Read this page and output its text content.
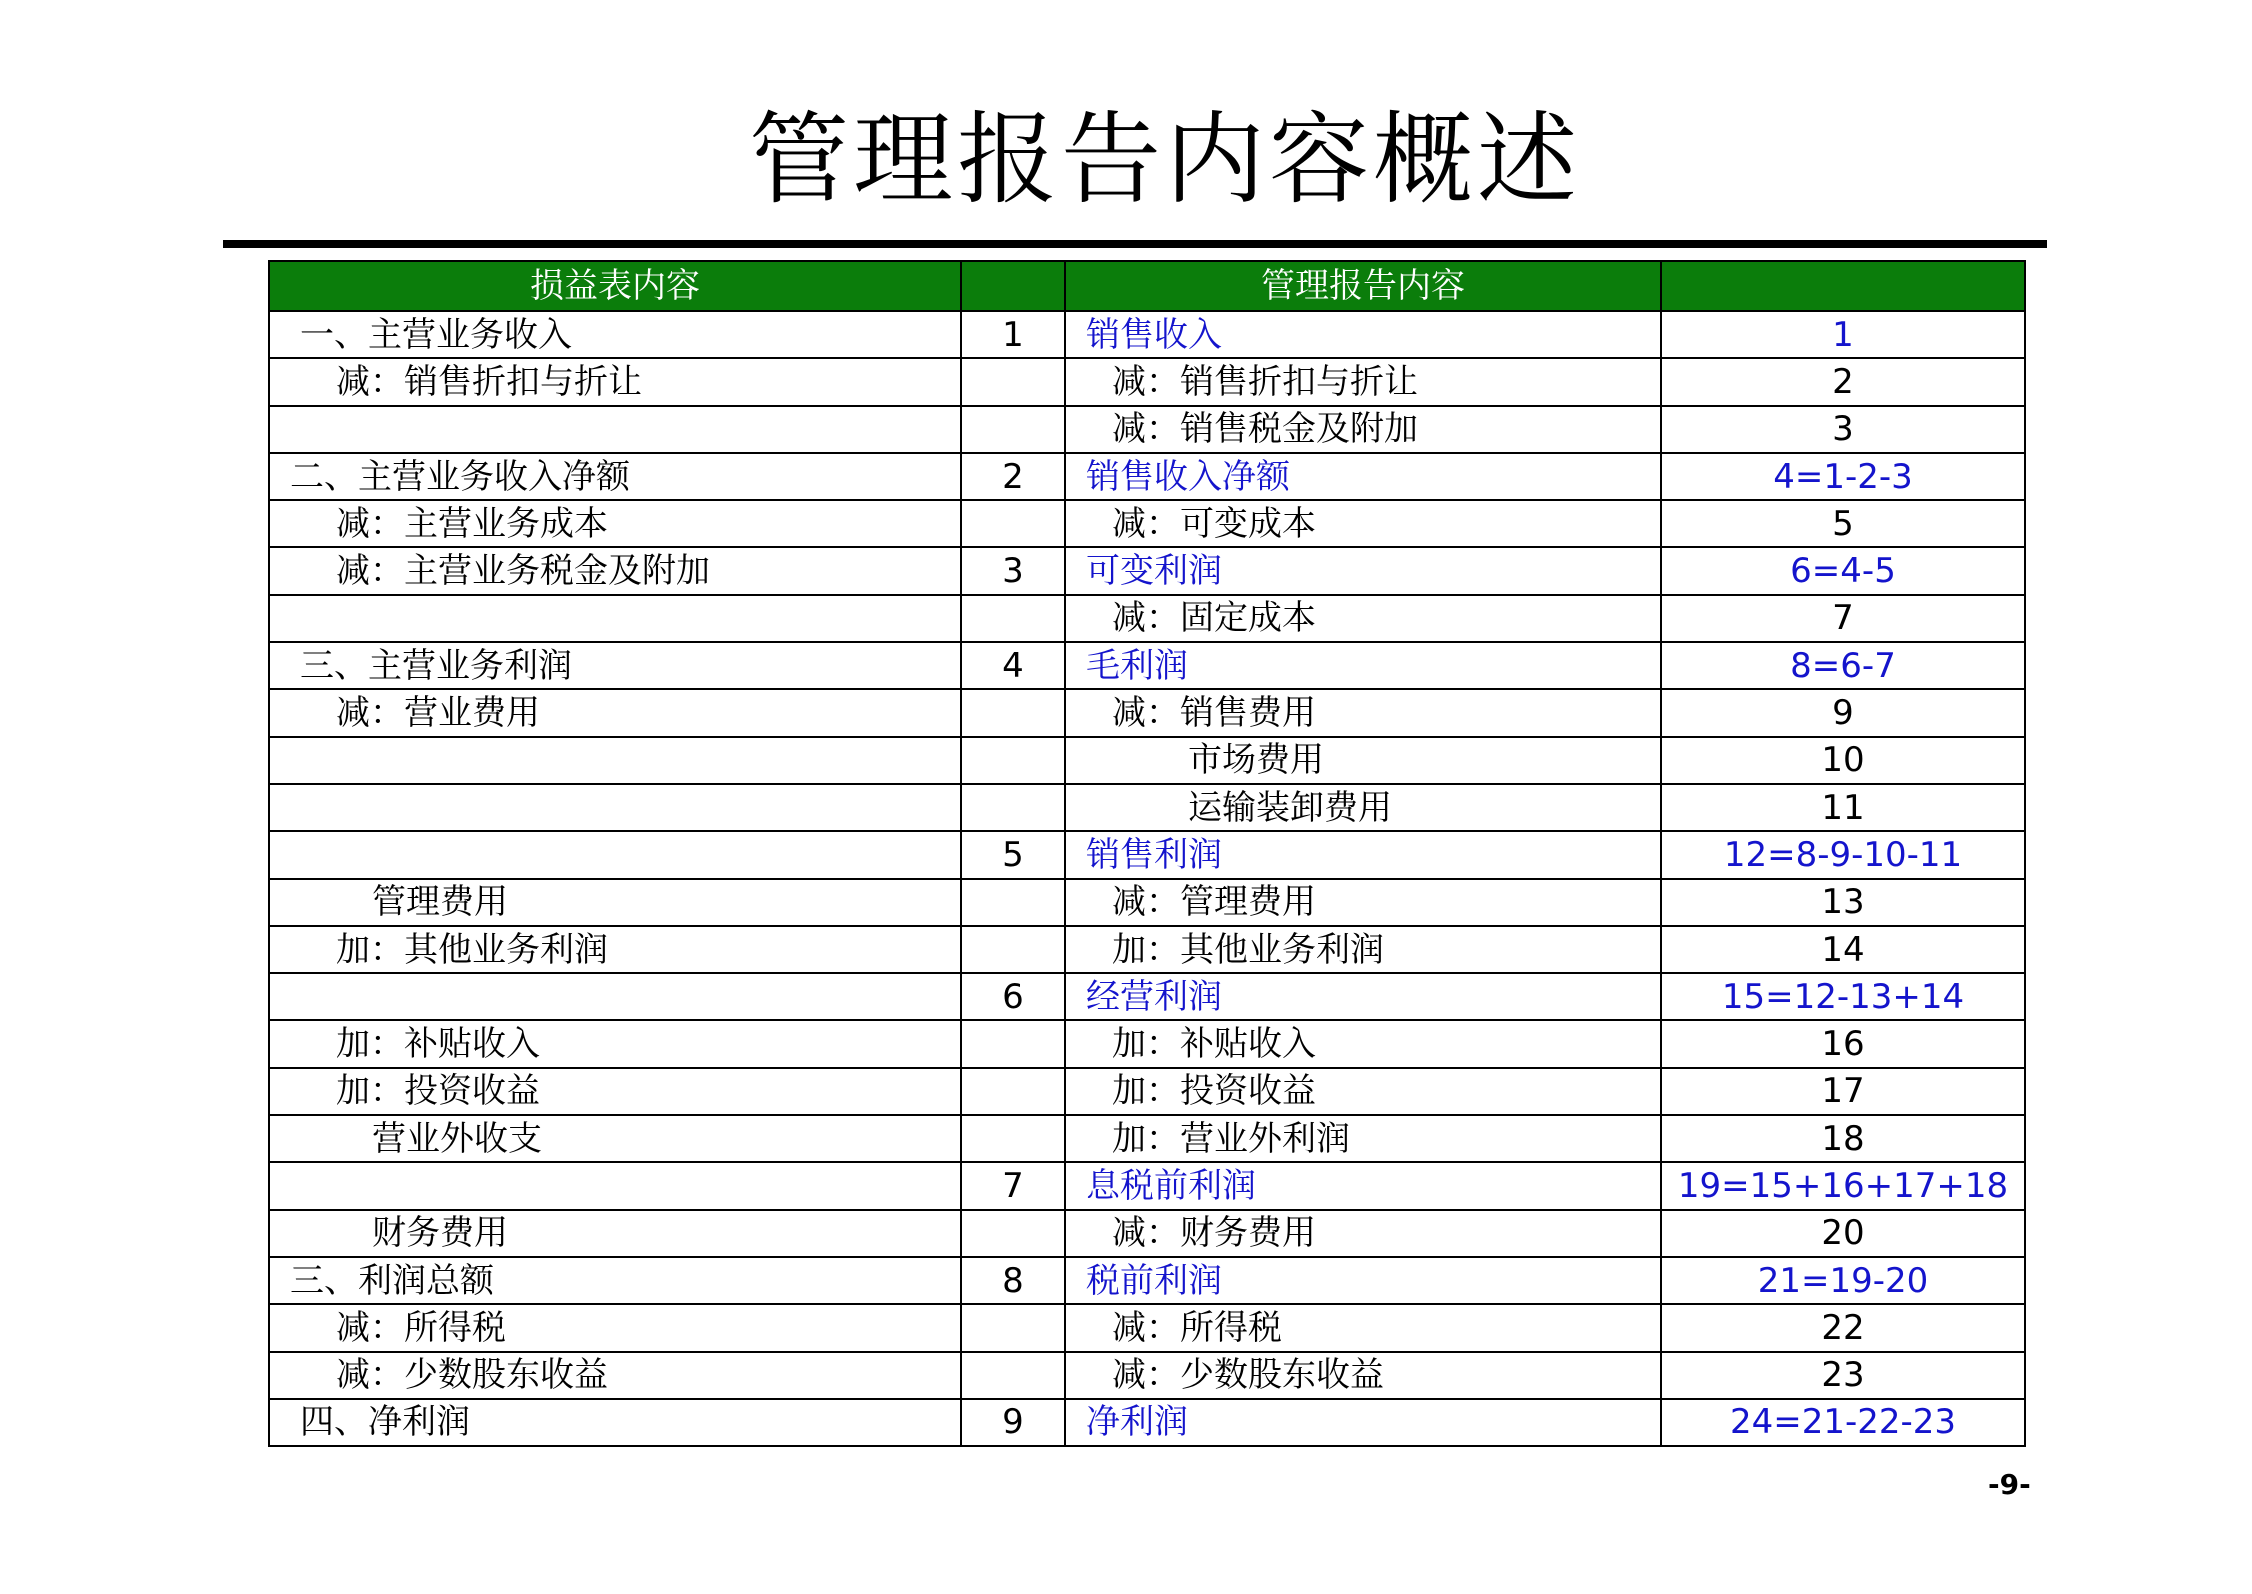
管理报告内容概述
损益表内容		管理报告内容	
一、主营业务收入	1	销售收入	1
减：销售折扣与折让		减：销售折扣与折让	2
		减：销售税金及附加	3
二、主营业务收入净额	2	销售收入净额	4=1-2-3
减：主营业务成本		减：可变成本	5
减：主营业务税金及附加	3	可变利润	6=4-5
		减：固定成本	7
三、主营业务利润	4	毛利润	8=6-7
减：营业费用		减：销售费用	9
		市场费用	10
		运输装卸费用	11
	5	销售利润	12=8-9-10-11
管理费用		减：管理费用	13
加：其他业务利润		加：其他业务利润	14
	6	经营利润	15=12-13+14
加：补贴收入		加：补贴收入	16
加：投资收益		加：投资收益	17
营业外收支		加：营业外利润	18
	7	息税前利润	19=15+16+17+18
财务费用		减：财务费用	20
三、利润总额	8	税前利润	21=19-20
减：所得税		减：所得税	22
减：少数股东收益		减：少数股东收益	23
四、净利润	9	净利润	24=21-22-23
-9-
